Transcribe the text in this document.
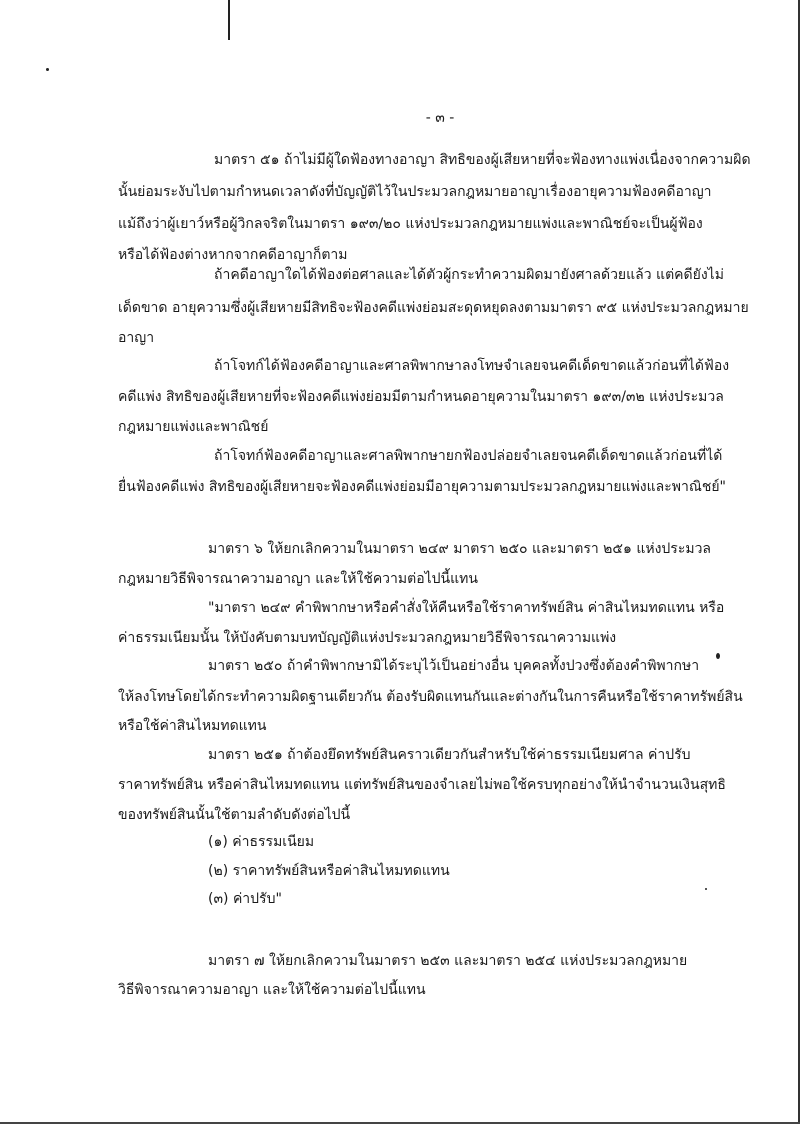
- ๓ -
มาตรา ๕๑ ถ้าไม่มีผู้ใดฟ้องทางอาญา สิทธิของผู้เสียหายที่จะฟ้องทางแพ่งเนื่องจากความผิด
นั้นย่อมระงับไปตามกำหนดเวลาดังที่บัญญัติไว้ในประมวลกฎหมายอาญาเรื่องอายุความฟ้องคดีอาญา
แม้ถึงว่าผู้เยาว์หรือผู้วิกลจริตในมาตรา ๑๙๓/๒๐ แห่งประมวลกฎหมายแพ่งและพาณิชย์จะเป็นผู้ฟ้อง
หรือได้ฟ้องต่างหากจากคดีอาญาก็ตาม
ถ้าคดีอาญาใดได้ฟ้องต่อศาลและได้ตัวผู้กระทำความผิดมายังศาลด้วยแล้ว แต่คดียังไม่
เด็ดขาด อายุความซึ่งผู้เสียหายมีสิทธิจะฟ้องคดีแพ่งย่อมสะดุดหยุดลงตามมาตรา ๙๕ แห่งประมวลกฎหมาย
อาญา
ถ้าโจทก์ได้ฟ้องคดีอาญาและศาลพิพากษาลงโทษจำเลยจนคดีเด็ดขาดแล้วก่อนที่ได้ฟ้อง
คดีแพ่ง สิทธิของผู้เสียหายที่จะฟ้องคดีแพ่งย่อมมีตามกำหนดอายุความในมาตรา ๑๙๓/๓๒ แห่งประมวล
กฎหมายแพ่งและพาณิชย์
ถ้าโจทก์ฟ้องคดีอาญาและศาลพิพากษายกฟ้องปล่อยจำเลยจนคดีเด็ดขาดแล้วก่อนที่ได้
ยื่นฟ้องคดีแพ่ง สิทธิของผู้เสียหายจะฟ้องคดีแพ่งย่อมมีอายุความตามประมวลกฎหมายแพ่งและพาณิชย์"
มาตรา ๖ ให้ยกเลิกความในมาตรา ๒๔๙ มาตรา ๒๕๐ และมาตรา ๒๕๑ แห่งประมวล
กฎหมายวิธีพิจารณาความอาญา และให้ใช้ความต่อไปนี้แทน
"มาตรา ๒๔๙ คำพิพากษาหรือคำสั่งให้คืนหรือใช้ราคาทรัพย์สิน ค่าสินไหมทดแทน หรือ
ค่าธรรมเนียมนั้น ให้บังคับตามบทบัญญัติแห่งประมวลกฎหมายวิธีพิจารณาความแพ่ง
มาตรา ๒๕๐ ถ้าคำพิพากษามิได้ระบุไว้เป็นอย่างอื่น บุคคลทั้งปวงซึ่งต้องคำพิพากษา
ให้ลงโทษโดยได้กระทำความผิดฐานเดียวกัน ต้องรับผิดแทนกันและต่างกันในการคืนหรือใช้ราคาทรัพย์สิน
หรือใช้ค่าสินไหมทดแทน
มาตรา ๒๕๑ ถ้าต้องยึดทรัพย์สินคราวเดียวกันสำหรับใช้ค่าธรรมเนียมศาล ค่าปรับ
ราคาทรัพย์สิน หรือค่าสินไหมทดแทน แต่ทรัพย์สินของจำเลยไม่พอใช้ครบทุกอย่างให้นำจำนวนเงินสุทธิ
ของทรัพย์สินนั้นใช้ตามลำดับดังต่อไปนี้
(๑) ค่าธรรมเนียม
(๒) ราคาทรัพย์สินหรือค่าสินไหมทดแทน
(๓) ค่าปรับ"
มาตรา ๗ ให้ยกเลิกความในมาตรา ๒๕๓ และมาตรา ๒๕๔ แห่งประมวลกฎหมาย
วิธีพิจารณาความอาญา และให้ใช้ความต่อไปนี้แทน
